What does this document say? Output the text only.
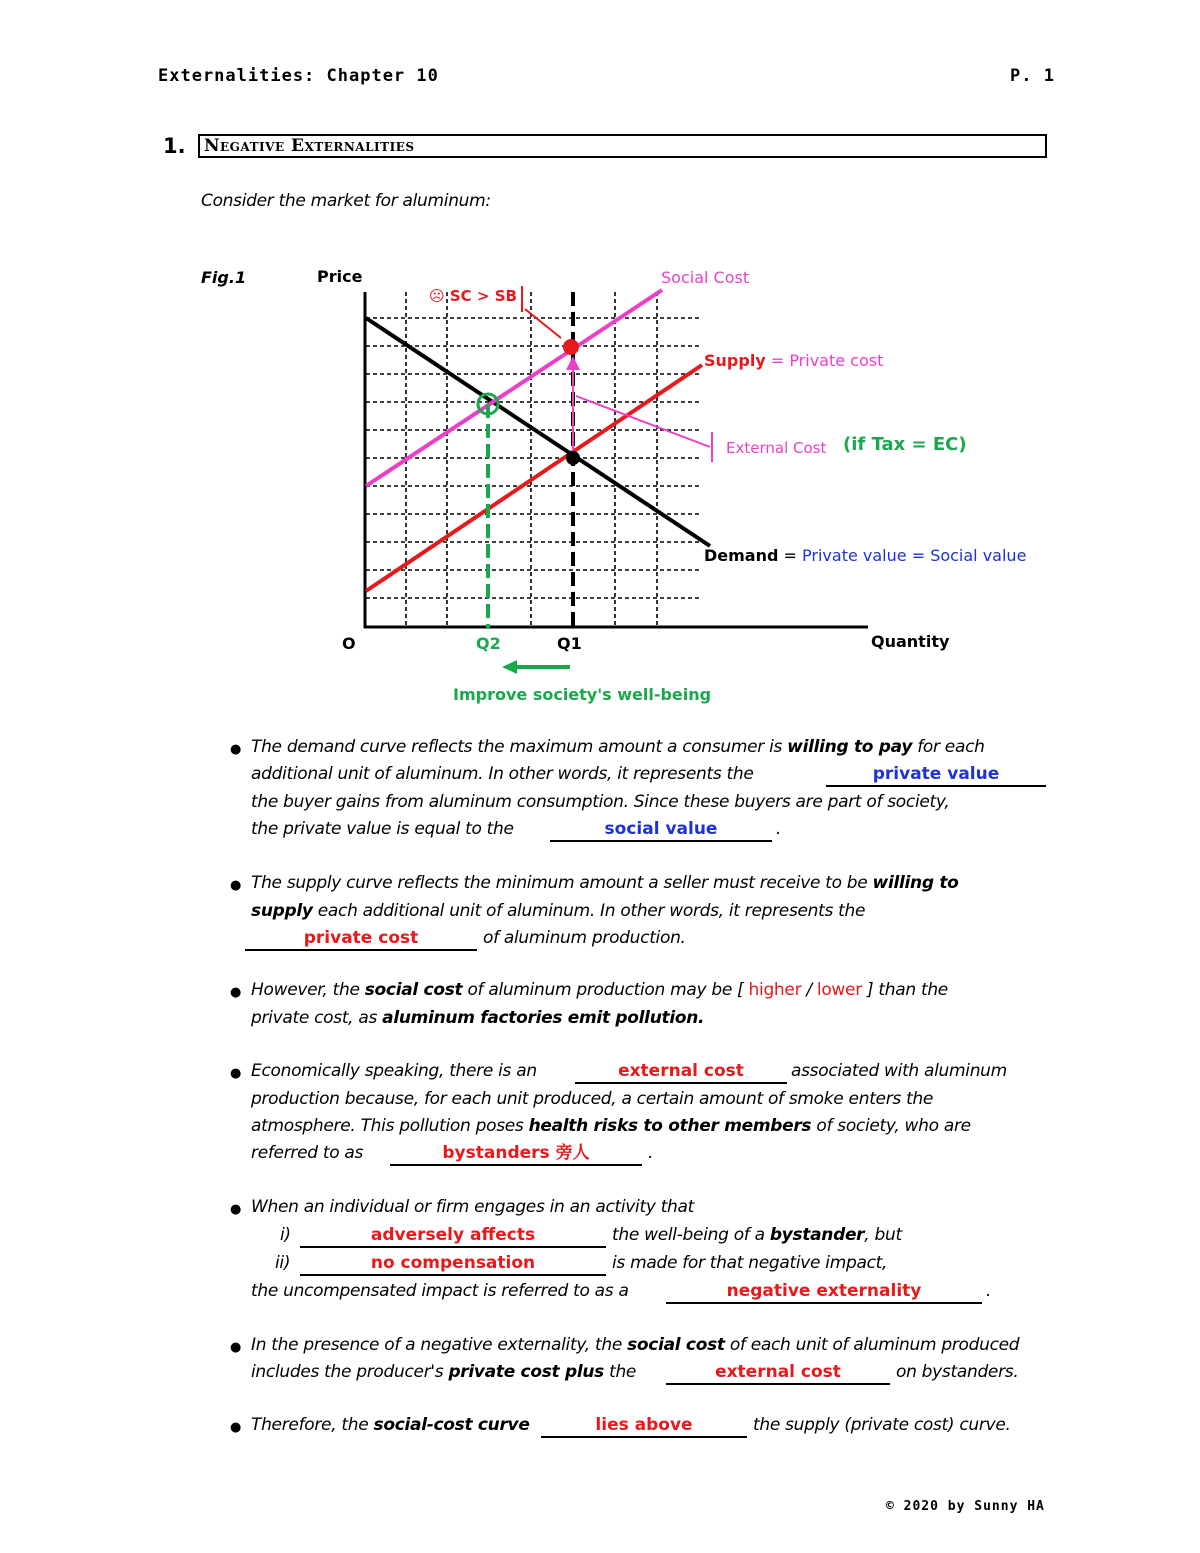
Externalities: Chapter 10	P. 1
1.	Negative Externalities
Consider the market for aluminum:
Fig.1	Price
Quantity
O	Q2	Q1
☹ SC > SB
Social Cost
Supply = Private cost
External Cost (if Tax = EC)
Demand = Private value = Social value
Improve society's well-being
● The demand curve reflects the maximum amount a consumer is willing to pay for each
additional unit of aluminum. In other words, it represents the	private value
the buyer gains from aluminum consumption. Since these buyers are part of society,
the private value is equal to the	social value	.
● The supply curve reflects the minimum amount a seller must receive to be willing to
supply each additional unit of aluminum. In other words, it represents the
private cost	of aluminum production.
● However, the social cost of aluminum production may be [ higher / lower ] than the
private cost, as aluminum factories emit pollution.
● Economically speaking, there is an	external cost	associated with aluminum
production because, for each unit produced, a certain amount of smoke enters the
atmosphere. This pollution poses health risks to other members of society, who are
referred to as	bystanders 旁人	.
● When an individual or firm engages in an activity that
i)	adversely affects	the well-being of a bystander, but
ii)	no compensation	is made for that negative impact,
the uncompensated impact is referred to as a	negative externality	.
● In the presence of a negative externality, the social cost of each unit of aluminum produced
includes the producer's private cost plus the	external cost	on bystanders.
● Therefore, the social-cost curve	lies above	the supply (private cost) curve.
© 2020 by Sunny HA
